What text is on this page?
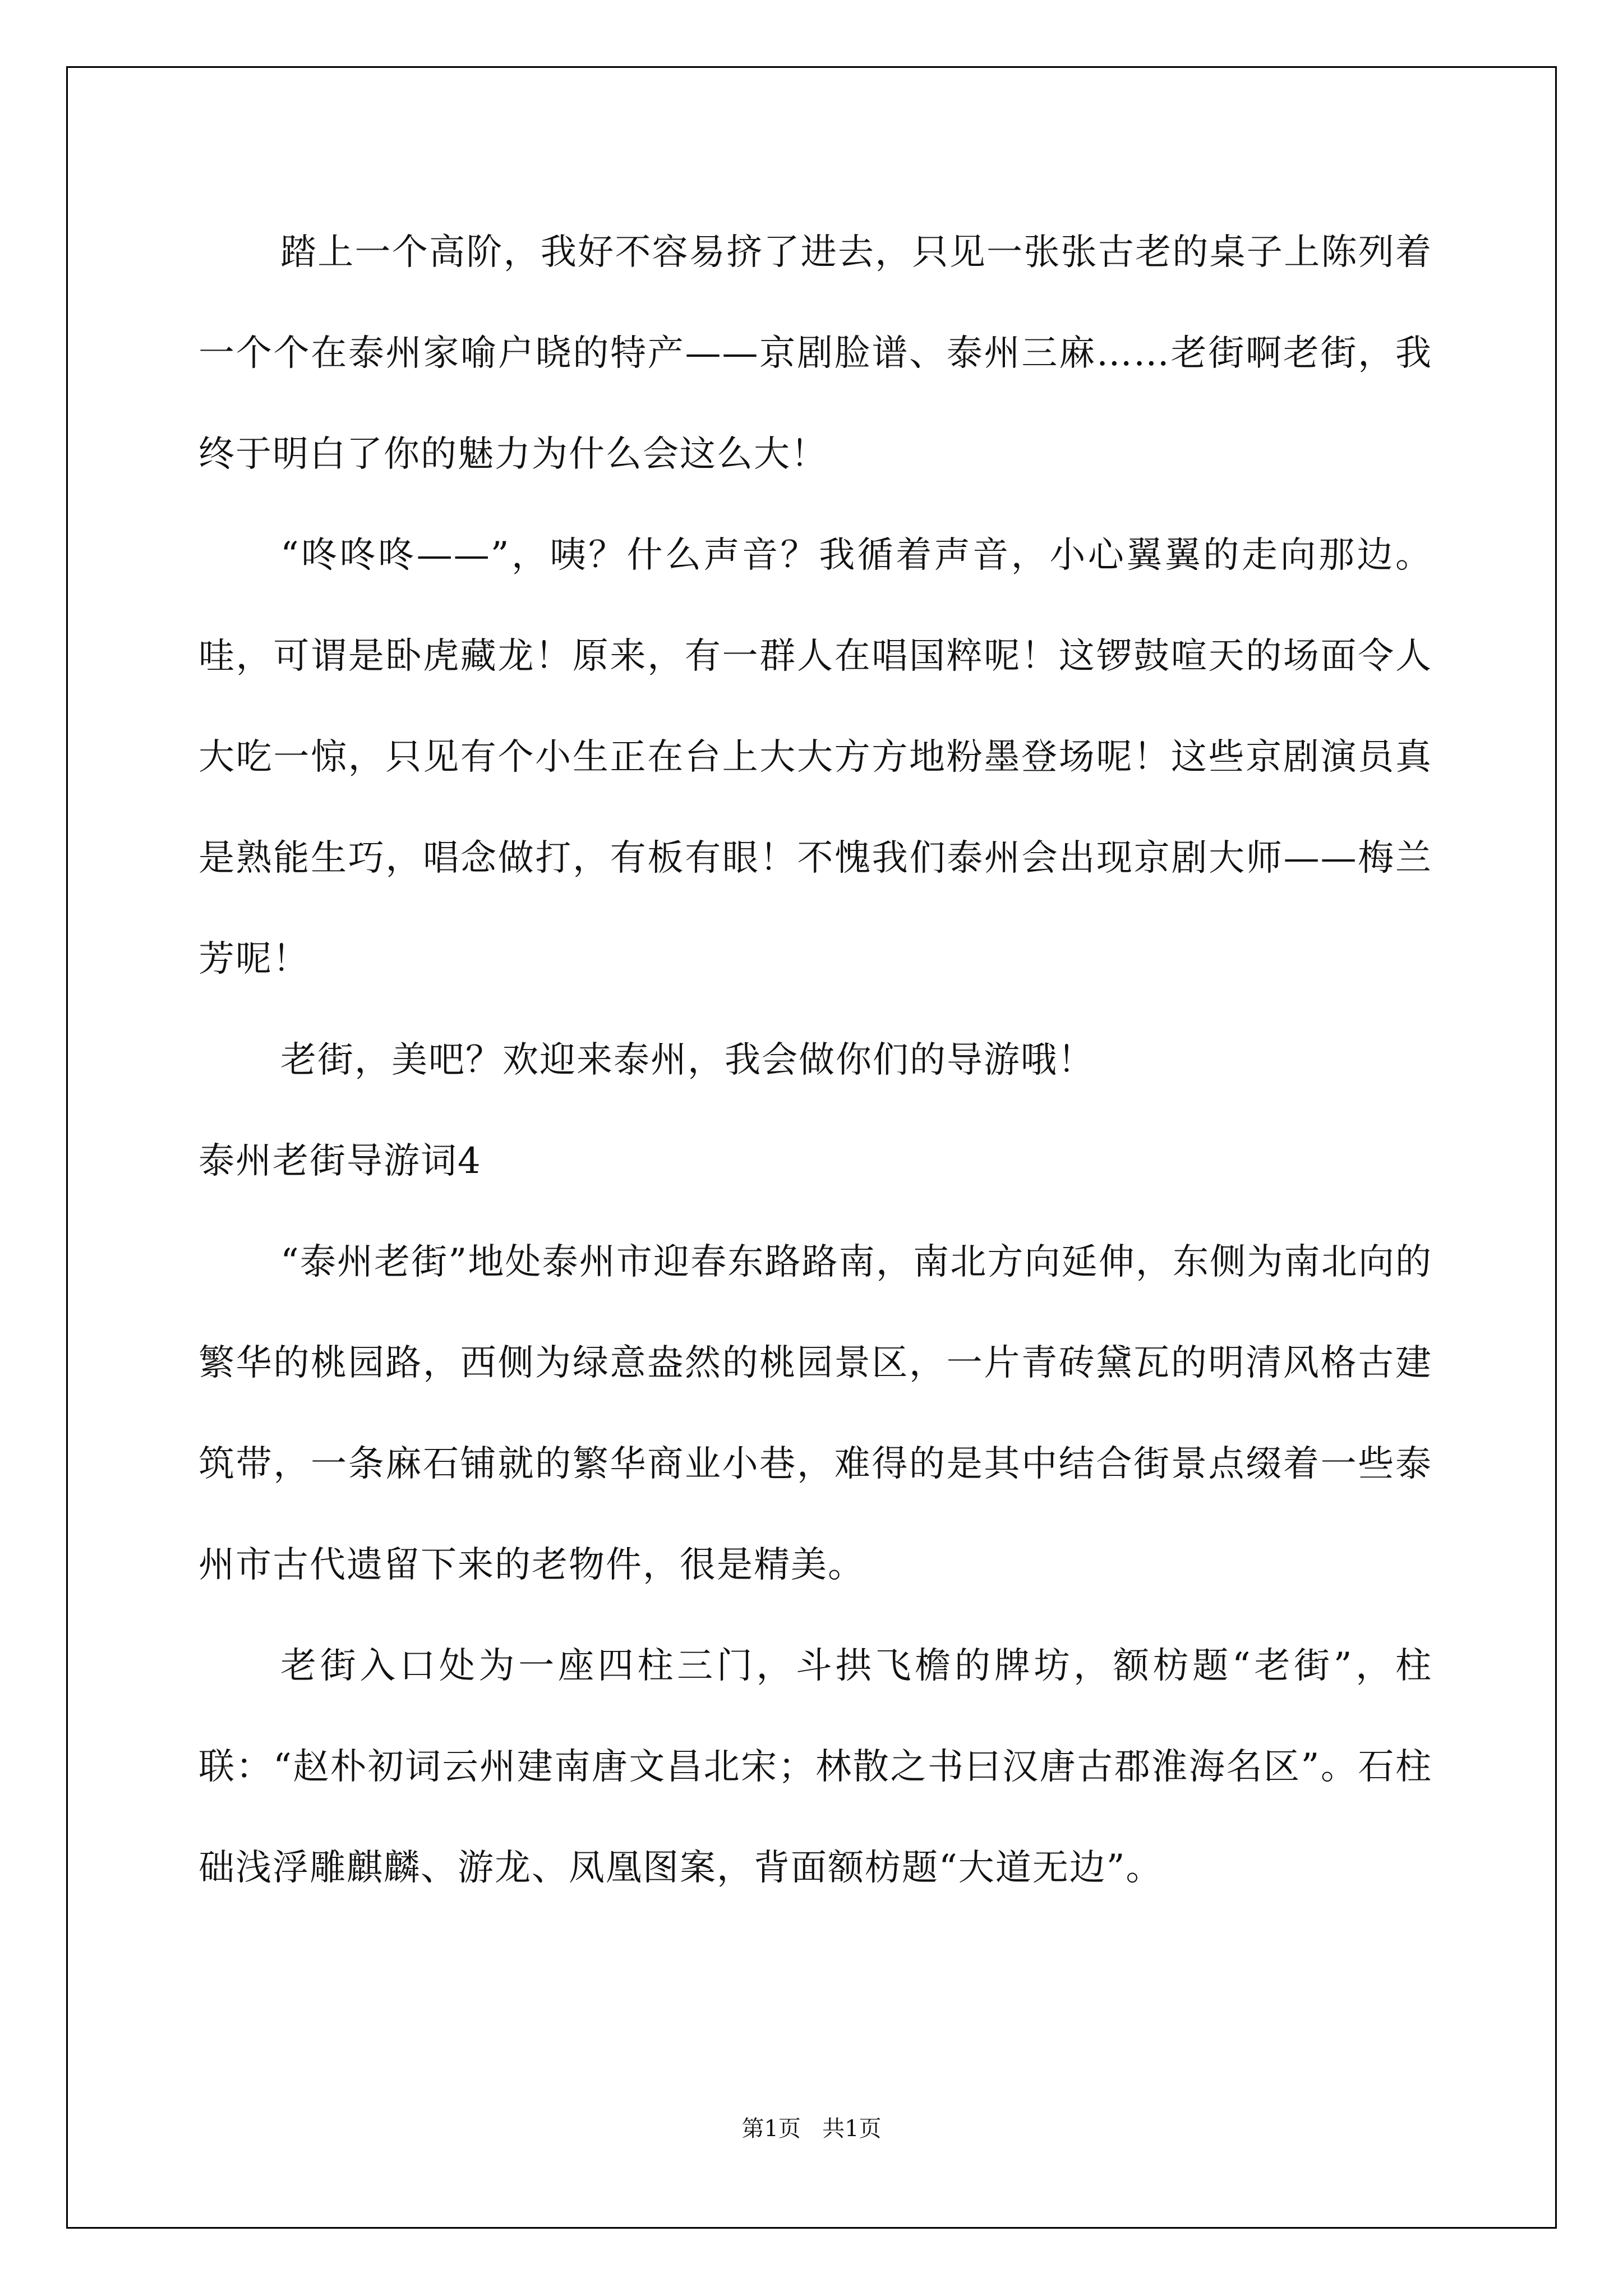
踏上一个高阶，我好不容易挤了进去，只见一张张古老的桌子上陈列着一个个在泰州家喻户晓的特产——京剧脸谱、泰州三麻……老街啊老街，我终于明白了你的魅力为什么会这么大！

“咚咚咚——”，咦？什么声音？我循着声音，小心翼翼的走向那边。哇，可谓是卧虎藏龙！原来，有一群人在唱国粹呢！这锣鼓喧天的场面令人大吃一惊，只见有个小生正在台上大大方方地粉墨登场呢！这些京剧演员真是熟能生巧，唱念做打，有板有眼！不愧我们泰州会出现京剧大师——梅兰芳呢！

老街，美吧？欢迎来泰州，我会做你们的导游哦！

泰州老街导游词4

“泰州老街”地处泰州市迎春东路路南，南北方向延伸，东侧为南北向的繁华的桃园路，西侧为绿意盎然的桃园景区，一片青砖黛瓦的明清风格古建筑带，一条麻石铺就的繁华商业小巷，难得的是其中结合街景点缀着一些泰州市古代遗留下来的老物件，很是精美。

老街入口处为一座四柱三门，斗拱飞檐的牌坊，额枋题“老街”，柱联：“赵朴初词云州建南唐文昌北宋；林散之书曰汉唐古郡淮海名区”。石柱础浅浮雕麒麟、游龙、凤凰图案，背面额枋题“大道无边”。

第1页 共1页
